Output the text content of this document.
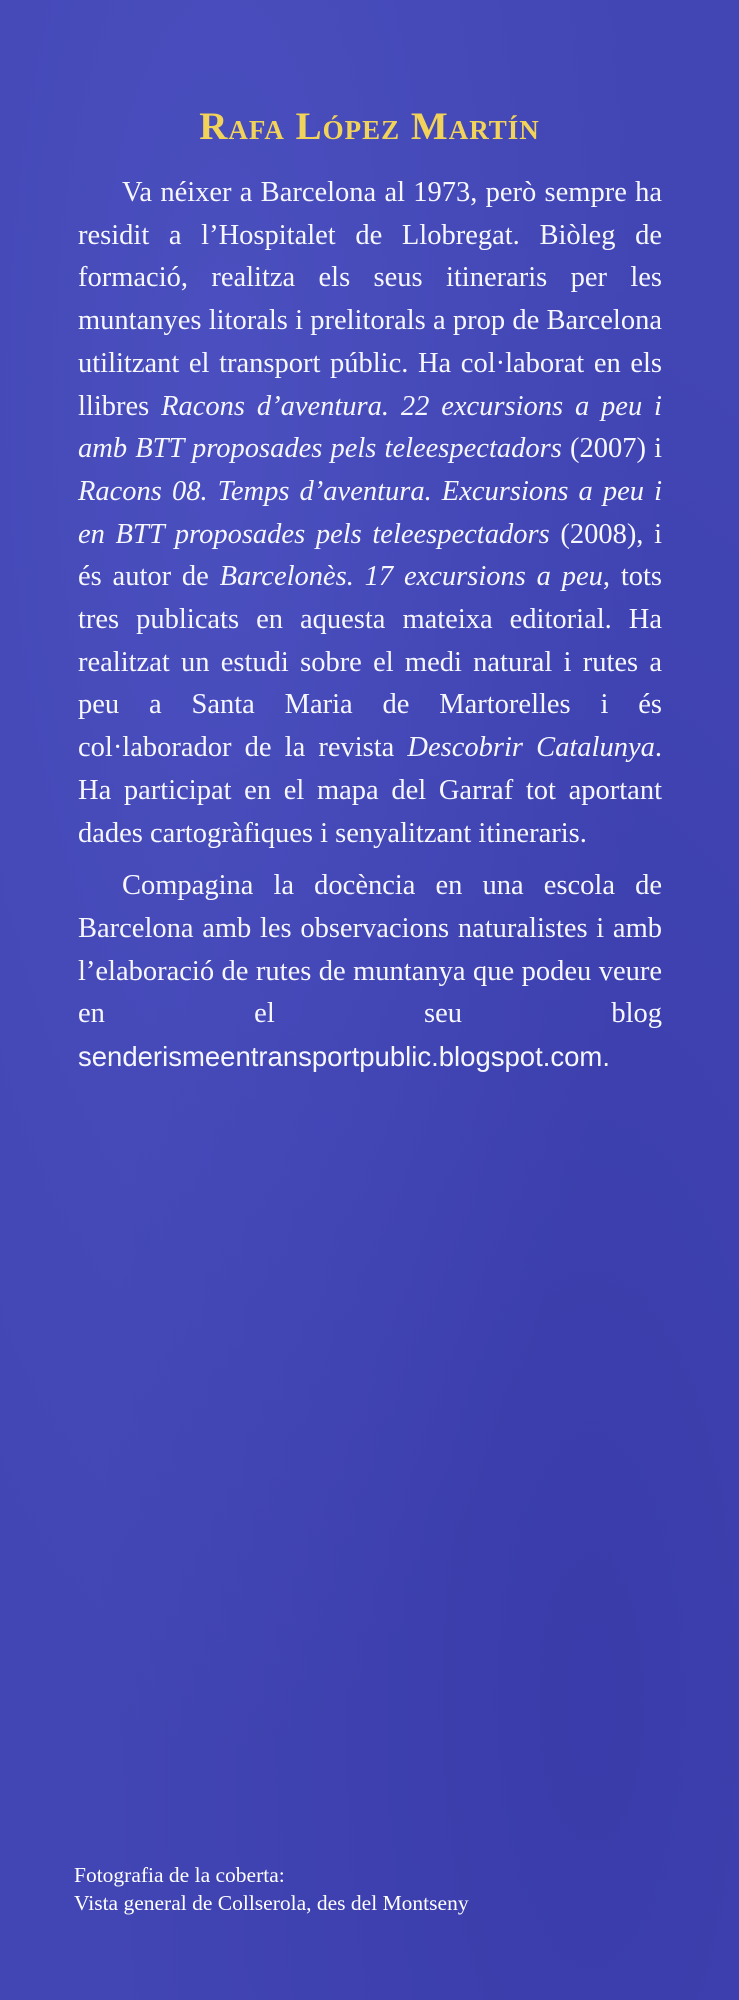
Rafa López Martín

Va néixer a Barcelona al 1973, però sempre ha residit a l’Hospitalet de Llobregat. Biòleg de formació, realitza els seus itineraris per les muntanyes litorals i prelitorals a prop de Barcelona utilitzant el transport públic. Ha col·laborat en els llibres Racons d’aventura. 22 excursions a peu i amb BTT proposades pels teleespectadors (2007) i Racons 08. Temps d’aventura. Excursions a peu i en BTT proposades pels teleespectadors (2008), i és autor de Barcelonès. 17 excursions a peu, tots tres publicats en aquesta mateixa editorial. Ha realitzat un estudi sobre el medi natural i rutes a peu a Santa Maria de Martorelles i és col·laborador de la revista Descobrir Catalunya. Ha participat en el mapa del Garraf tot aportant dades cartogràfiques i senyalitzant itineraris.

Compagina la docència en una escola de Barcelona amb les observacions naturalistes i amb l’elaboració de rutes de muntanya que podeu veure en el seu blog senderismeentransportpublic.blogspot.com.

Fotografia de la coberta:
Vista general de Collserola, des del Montseny
